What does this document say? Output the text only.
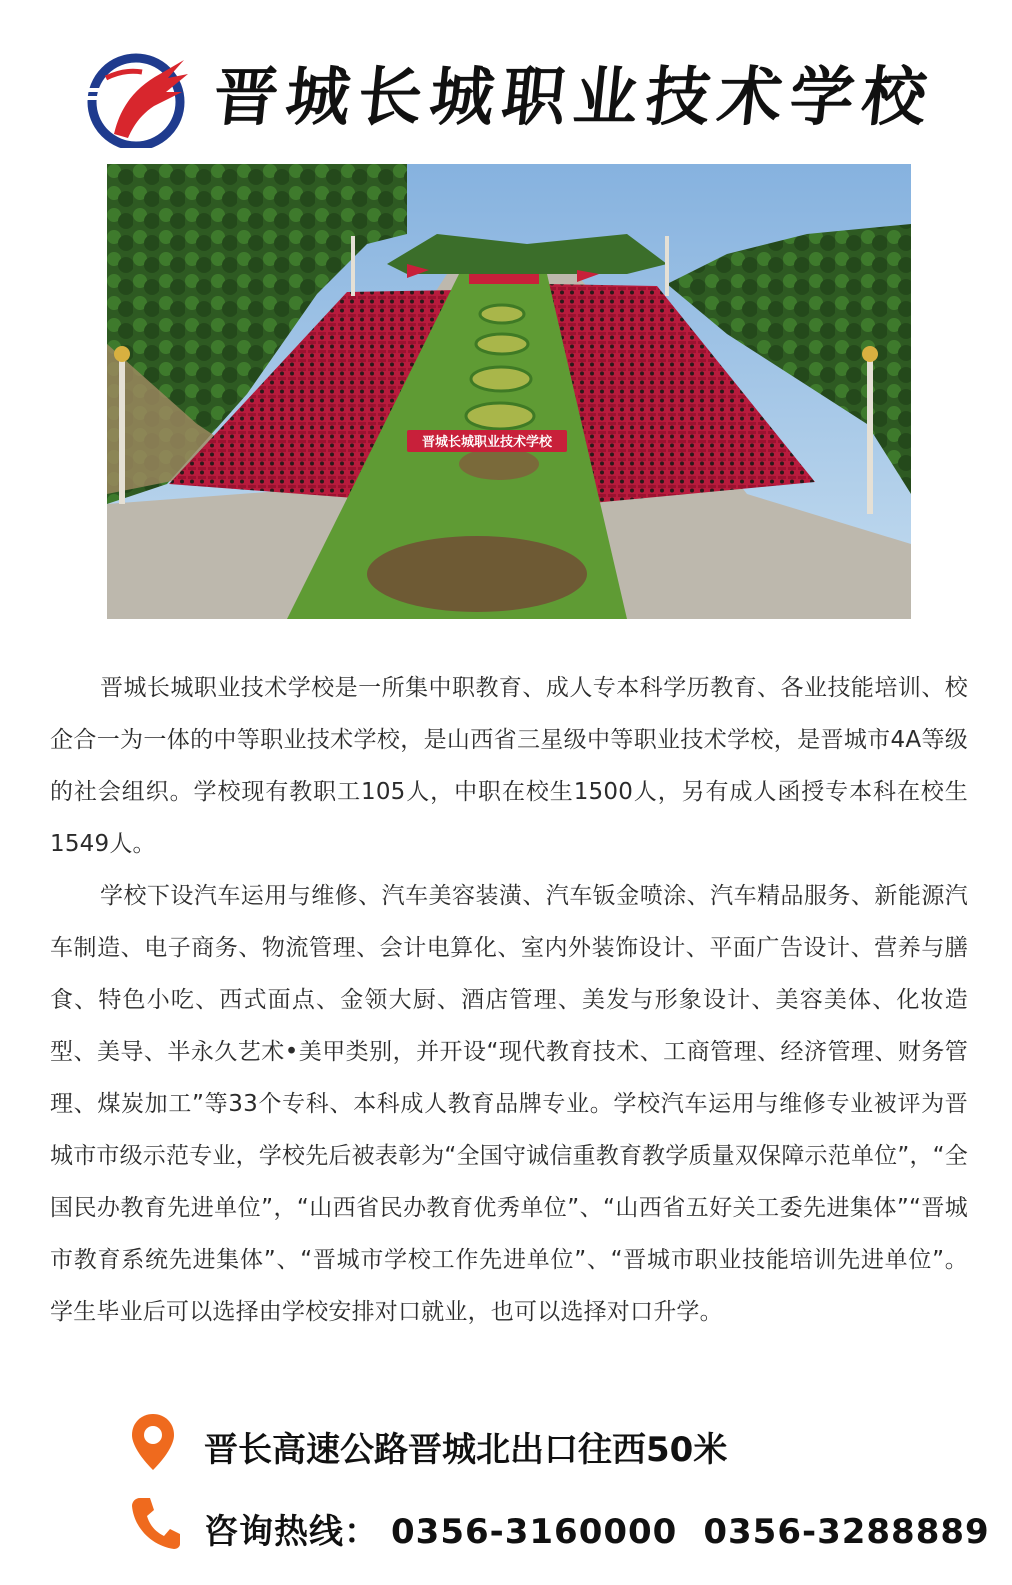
晋城长城职业技术学校
晋城长城职业技术学校

晋城长城职业技术学校是一所集中职教育、成人专本科学历教育、各业技能培训、校企合一为一体的中等职业技术学校，是山西省三星级中等职业技术学校，是晋城市4A等级的社会组织。学校现有教职工105人，中职在校生1500人，另有成人函授专本科在校生1549人。

学校下设汽车运用与维修、汽车美容装潢、汽车钣金喷涂、汽车精品服务、新能源汽车制造、电子商务、物流管理、会计电算化、室内外装饰设计、平面广告设计、营养与膳食、特色小吃、西式面点、金领大厨、酒店管理、美发与形象设计、美容美体、化妆造型、美导、半永久艺术•美甲类别，并开设“现代教育技术、工商管理、经济管理、财务管理、煤炭加工”等33个专科、本科成人教育品牌专业。学校汽车运用与维修专业被评为晋城市市级示范专业，学校先后被表彰为“全国守诚信重教育教学质量双保障示范单位”，“全国民办教育先进单位”，“山西省民办教育优秀单位”、“山西省五好关工委先进集体”“晋城市教育系统先进集体”、“晋城市学校工作先进单位”、“晋城市职业技能培训先进单位”。学生毕业后可以选择由学校安排对口就业，也可以选择对口升学。

晋长高速公路晋城北出口往西50米
咨询热线： 0356-3160000 0356-3288889
